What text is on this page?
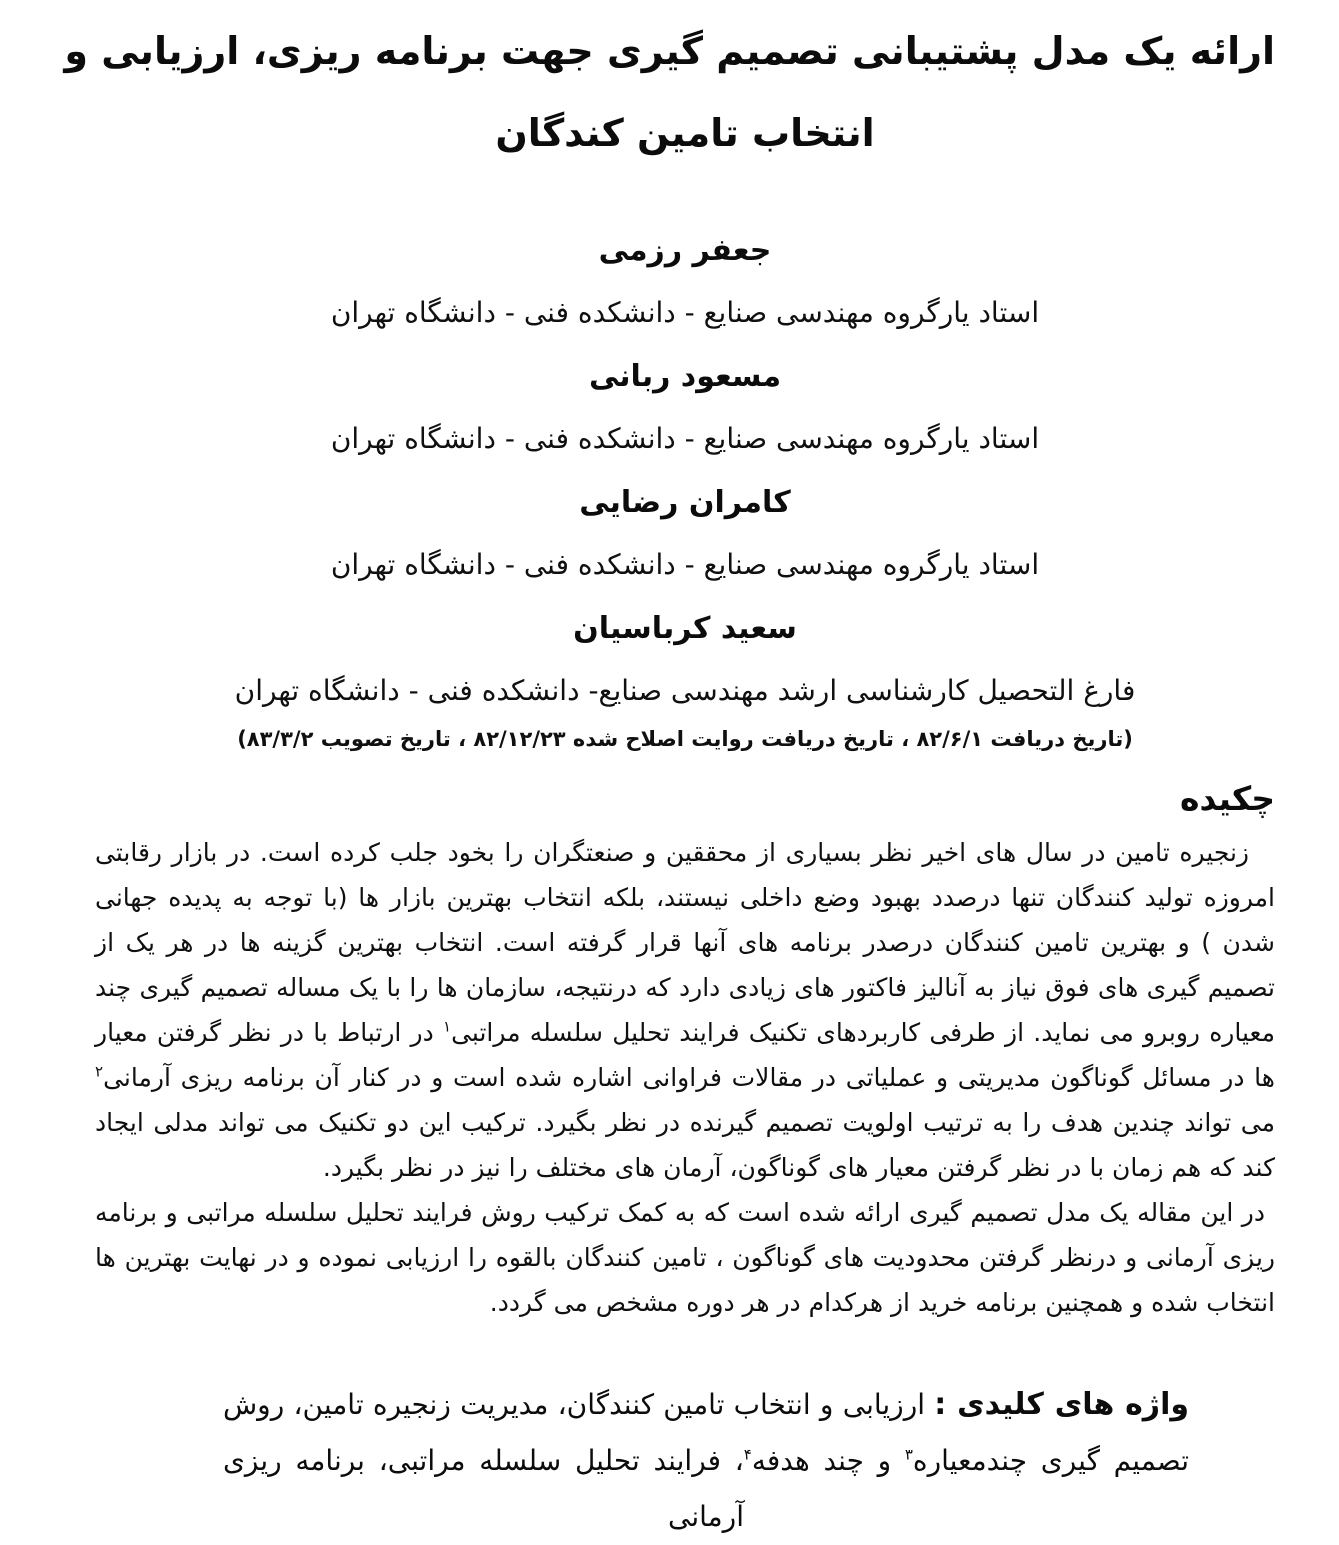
ارائه یک مدل پشتیبانی تصمیم گیری جهت برنامه ریزی، ارزیابی و
انتخاب تامین کندگان
جعفر رزمی
استاد یارگروه مهندسی صنایع - دانشکده فنی - دانشگاه تهران
مسعود ربانی
استاد یارگروه مهندسی صنایع - دانشکده فنی - دانشگاه تهران
کامران رضایی
استاد یارگروه مهندسی صنایع - دانشکده فنی - دانشگاه تهران
سعید کرباسیان
فارغ التحصیل کارشناسی ارشد مهندسی صنایع- دانشکده فنی - دانشگاه تهران
(تاریخ دریافت ۸۲/۶/۱ ، تاریخ دریافت روایت اصلاح شده ۸۲/۱۲/۲۳ ، تاریخ تصویب ۸۳/۳/۲)
چکیده

زنجیره تامین در سال های اخیر نظر بسیاری از محققین و صنعتگران را بخود جلب کرده است. در بازار رقابتی امروزه تولید کنندگان تنها درصدد بهبود وضع داخلی نیستند، بلکه انتخاب بهترین بازار ها (با توجه به پدیده جهانی شدن ) و بهترین تامین کنندگان درصدر برنامه های آنها قرار گرفته است. انتخاب بهترین گزینه ها در هر یک از تصمیم گیری های فوق نیاز به آنالیز فاکتور های زیادی دارد که درنتیجه، سازمان ها را با یک مساله تصمیم گیری چند معیاره روبرو می نماید. از طرفی کاربردهای تکنیک فرایند تحلیل سلسله مراتبی$^۱$ در ارتباط با در نظر گرفتن معیار ها در مسائل گوناگون مدیریتی و عملیاتی در مقالات فراوانی اشاره شده است و در کنار آن برنامه ریزی آرمانی$^۲$ می تواند چندین هدف را به ترتیب اولویت تصمیم گیرنده در نظر بگیرد. ترکیب این دو تکنیک می تواند مدلی ایجاد کند که هم زمان با در نظر گرفتن معیار های گوناگون، آرمان های مختلف را نیز در نظر بگیرد.

در این مقاله یک مدل تصمیم گیری ارائه شده است که به کمک ترکیب روش فرایند تحلیل سلسله مراتبی و برنامه ریزی آرمانی و درنظر گرفتن محدودیت های گوناگون ، تامین کنندگان بالقوه را ارزیابی نموده و در نهایت بهترین ها انتخاب شده و همچنین برنامه خرید از هرکدام در هر دوره مشخص می گردد.

واژه های کلیدی : ارزیابی و انتخاب تامین کنندگان، مدیریت زنجیره تامین، روش تصمیم گیری چندمعیاره$^۳$ و چند هدفه$^۴$، فرایند تحلیل سلسله مراتبی، برنامه ریزی آرمانی
